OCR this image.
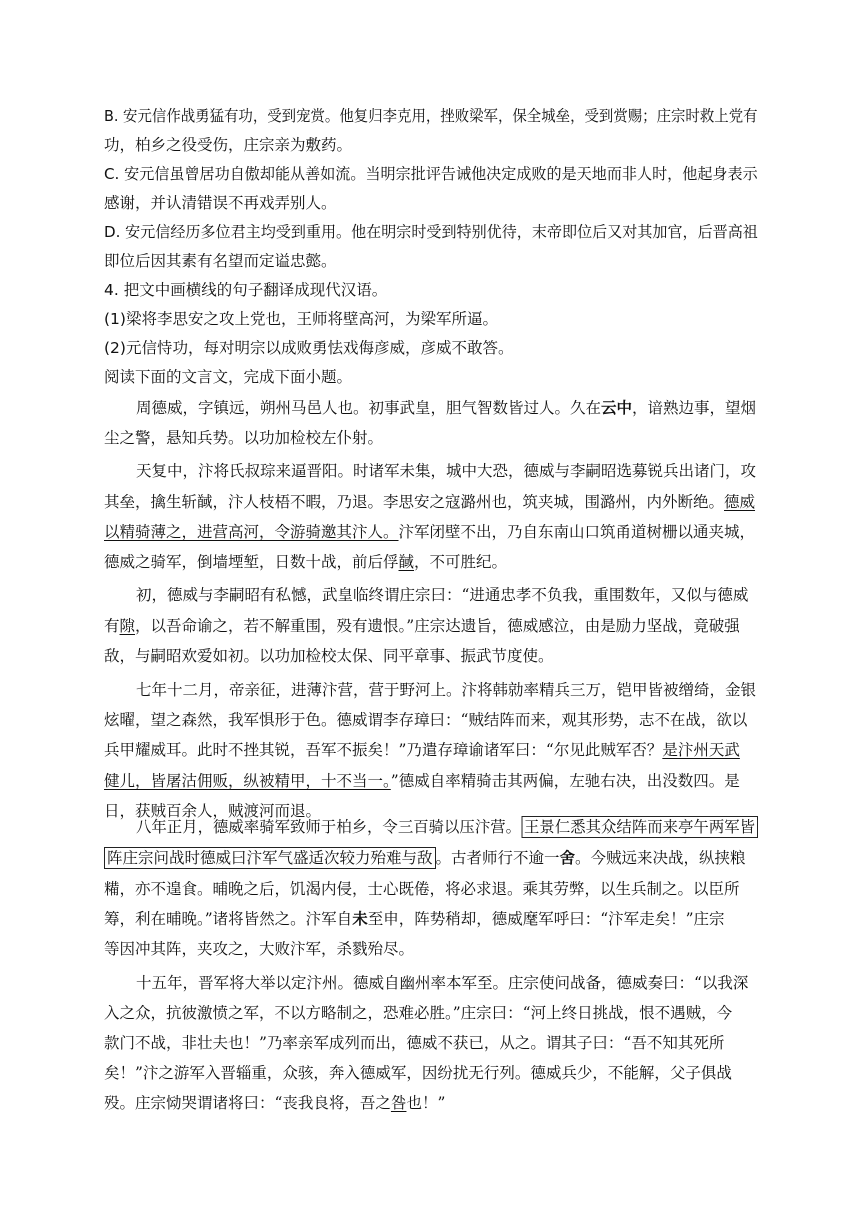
B. 安元信作战勇猛有功，受到宠赏。他复归李克用，挫败梁军，保全城垒，受到赏赐；庄宗时救上党有
功，柏乡之役受伤，庄宗亲为敷药。
C. 安元信虽曾居功自傲却能从善如流。当明宗批评告诫他决定成败的是天地而非人时，他起身表示
感谢，并认清错误不再戏弄别人。
D. 安元信经历多位君主均受到重用。他在明宗时受到特别优待，末帝即位后又对其加官，后晋高祖
即位后因其素有名望而定谥忠懿。
4. 把文中画横线的句子翻译成现代汉语。
(1)梁将李思安之攻上党也，王师将壁高河，为梁军所逼。
(2)元信恃功，每对明宗以成败勇怯戏侮彦威，彦威不敢答。
阅读下面的文言文，完成下面小题。
周德威，字镇远，朔州马邑人也。初事武皇，胆气智数皆过人。久在云中，谙熟边事，望烟
尘之警，悬知兵势。以功加检校左仆射。
天复中，汴将氏叔琮来逼晋阳。时诸军未集，城中大恐，德威与李嗣昭选募锐兵出诸门，攻
其垒，擒生斩馘，汴人枝梧不暇，乃退。李思安之寇潞州也，筑夹城，围潞州，内外断绝。德威
以精骑薄之，进营高河，令游骑邀其汴人。汴军闭壁不出，乃自东南山口筑甬道树栅以通夹城，
德威之骑军，倒墙堙堑，日数十战，前后俘馘，不可胜纪。
初，德威与李嗣昭有私憾，武皇临终谓庄宗曰：“进通忠孝不负我，重围数年，又似与德威
有隙，以吾命谕之，若不解重围，殁有遗恨。”庄宗达遗旨，德威感泣，由是励力坚战，竟破强
敌，与嗣昭欢爱如初。以功加检校太保、同平章事、振武节度使。
七年十二月，帝亲征，进薄汴营，营于野河上。汴将韩勍率精兵三万，铠甲皆被缯绮，金银
炫曜，望之森然，我军惧形于色。德威谓李存璋曰：“贼结阵而来，观其形势，志不在战，欲以
兵甲耀威耳。此时不挫其锐，吾军不振矣！”乃遣存璋谕诸军曰：“尔见此贼军否？是汴州天武
健儿，皆屠沽佣贩，纵被精甲，十不当一。”德威自率精骑击其两偏，左驰右决，出没数四。是
日，获贼百余人，贼渡河而退。
八年正月，德威率骑军致师于柏乡，令三百骑以压汴营。 王景仁悉其众结阵而来亭午两军皆
阵庄宗问战时德威曰汴军气盛适次较力殆难与敌 。古者师行不逾一舍。今贼远来决战，纵挟粮
糒，亦不遑食。晡晚之后，饥渴内侵，士心既倦，将必求退。乘其劳弊，以生兵制之。以臣所
筹，利在晡晚。”诸将皆然之。汴军自未至申，阵势稍却，德威麾军呼曰：“汴军走矣！”庄宗
等因冲其阵，夹攻之，大败汴军，杀戮殆尽。
十五年，晋军将大举以定汴州。德威自幽州率本军至。庄宗使问战备，德威奏曰：“以我深
入之众，抗彼激愤之军，不以方略制之，恐难必胜。”庄宗曰：“河上终日挑战，恨不遇贼，今
款门不战，非壮夫也！”乃率亲军成列而出，德威不获已，从之。谓其子曰：“吾不知其死所
矣！”汴之游军入晋辎重，众骇，奔入德威军，因纷扰无行列。德威兵少，不能解，父子俱战
殁。庄宗恸哭谓诸将曰：“丧我良将，吾之咎也！”
